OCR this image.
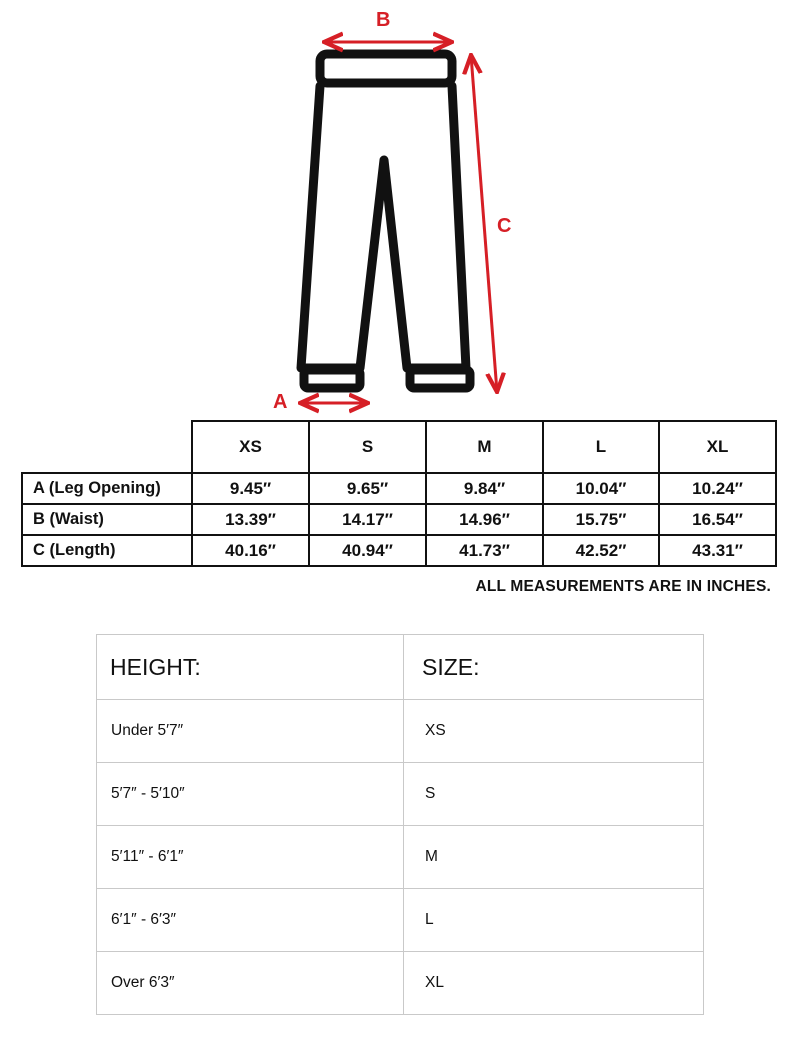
B
C
A
	XS	S	M	L	XL
A (Leg Opening)	9.45″	9.65″	9.84″	10.04″	10.24″
B (Waist)	13.39″	14.17″	14.96″	15.75″	16.54″
C (Length)	40.16″	40.94″	41.73″	42.52″	43.31″
ALL MEASUREMENTS ARE IN INCHES.
HEIGHT:	SIZE:
Under 5′7″	XS
5′7″ - 5′10″	S
5′11″ - 6′1″	M
6′1″ - 6′3″	L
Over 6′3″	XL
